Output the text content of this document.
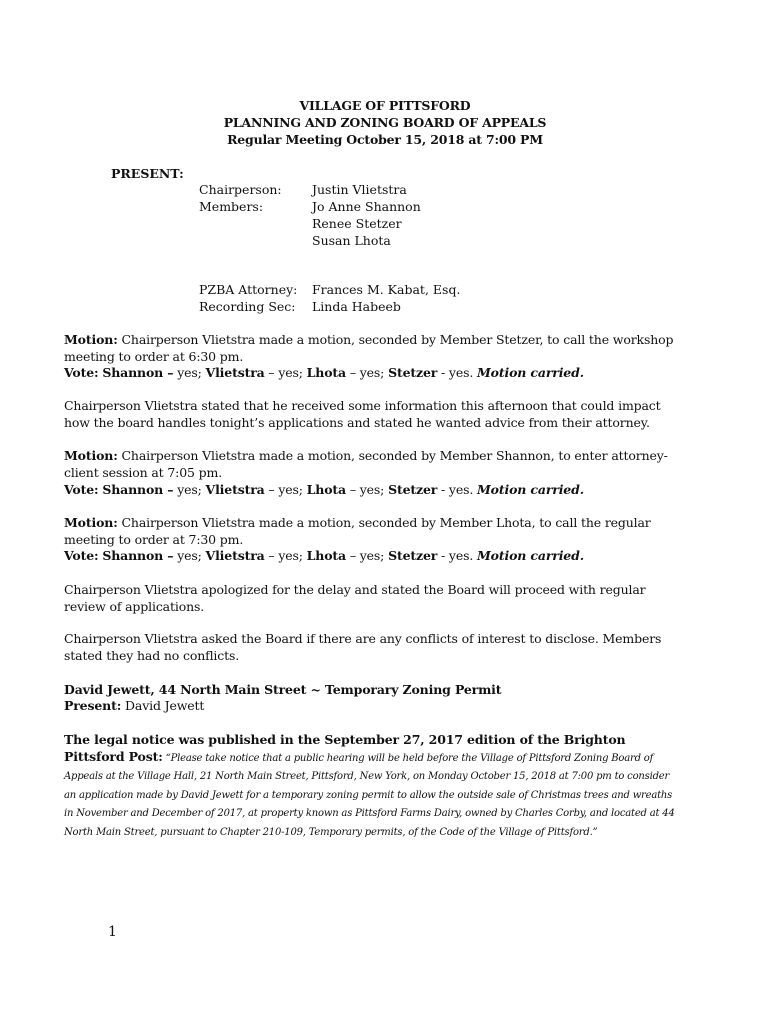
VILLAGE OF PITTSFORD
PLANNING AND ZONING BOARD OF APPEALS
Regular Meeting October 15, 2018 at 7:00 PM
PRESENT:
Chairperson: Justin Vlietstra
Members:	Jo Anne Shannon
Renee Stetzer
Susan Lhota
PZBA Attorney: Frances M. Kabat, Esq.
Recording Sec: Linda Habeeb
Motion: Chairperson Vlietstra made a motion, seconded by Member Stetzer, to call the workshop meeting to order at 6:30 pm.
Vote: Shannon – yes; Vlietstra – yes; Lhota – yes; Stetzer - yes. Motion carried.
Chairperson Vlietstra stated that he received some information this afternoon that could impact how the board handles tonight’s applications and stated he wanted advice from their attorney.
Motion: Chairperson Vlietstra made a motion, seconded by Member Shannon, to enter attorney-client session at 7:05 pm.
Vote: Shannon – yes; Vlietstra – yes; Lhota – yes; Stetzer - yes. Motion carried.
Motion: Chairperson Vlietstra made a motion, seconded by Member Lhota, to call the regular meeting to order at 7:30 pm.
Vote: Shannon – yes; Vlietstra – yes; Lhota – yes; Stetzer - yes. Motion carried.
Chairperson Vlietstra apologized for the delay and stated the Board will proceed with regular review of applications.
Chairperson Vlietstra asked the Board if there are any conflicts of interest to disclose. Members stated they had no conflicts.
David Jewett, 44 North Main Street ~ Temporary Zoning Permit
Present: David Jewett
The legal notice was published in the September 27, 2017 edition of the Brighton Pittsford Post: “Please take notice that a public hearing will be held before the Village of Pittsford Zoning Board of Appeals at the Village Hall, 21 North Main Street, Pittsford, New York, on Monday October 15, 2018 at 7:00 pm to consider an application made by David Jewett for a temporary zoning permit to allow the outside sale of Christmas trees and wreaths in November and December of 2017, at property known as Pittsford Farms Dairy, owned by Charles Corby, and located at 44 North Main Street, pursuant to Chapter 210-109, Temporary permits, of the Code of the Village of Pittsford.”
1
